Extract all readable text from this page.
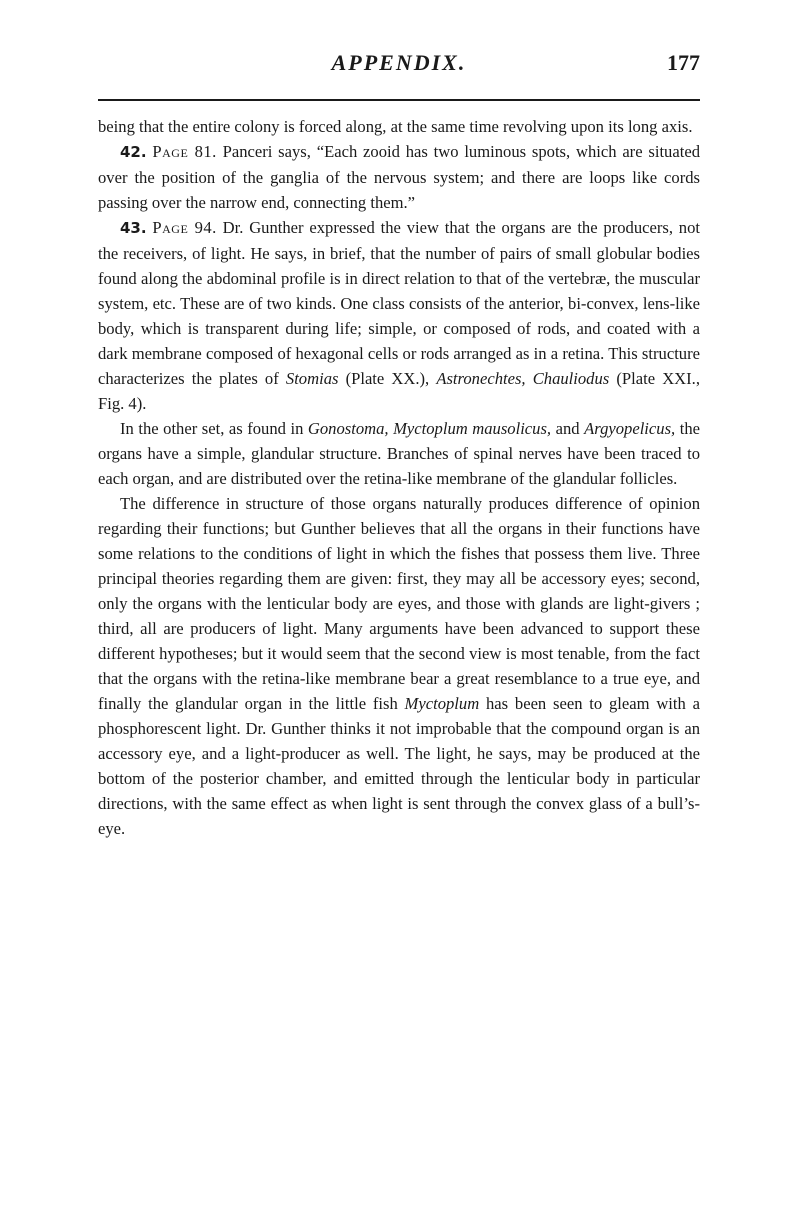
APPENDIX.	177

being that the entire colony is forced along, at the same time revolving upon its long axis.

42. Page 81. Panceri says, “Each zooid has two luminous spots, which are situated over the position of the ganglia of the nervous system; and there are loops like cords passing over the narrow end, connecting them.”

43. Page 94. Dr. Gunther expressed the view that the organs are the producers, not the receivers, of light. He says, in brief, that the number of pairs of small globular bodies found along the abdominal profile is in direct relation to that of the vertebræ, the muscular system, etc. These are of two kinds. One class consists of the anterior, bi-convex, lens-like body, which is transparent during life; simple, or composed of rods, and coated with a dark membrane composed of hexagonal cells or rods arranged as in a retina. This structure characterizes the plates of Stomias (Plate XX.), Astronechtes, Chauliodus (Plate XXI., Fig. 4).

In the other set, as found in Gonostoma, Myctoplum mausolicus, and Argyopelicus, the organs have a simple, glandular structure. Branches of spinal nerves have been traced to each organ, and are distributed over the retina-like membrane of the glandular follicles.

The difference in structure of those organs naturally produces difference of opinion regarding their functions; but Gunther believes that all the organs in their functions have some relations to the conditions of light in which the fishes that possess them live. Three principal theories regarding them are given: first, they may all be accessory eyes; second, only the organs with the lenticular body are eyes, and those with glands are light-givers ; third, all are producers of light. Many arguments have been advanced to support these different hypotheses; but it would seem that the second view is most tenable, from the fact that the organs with the retina-like membrane bear a great resemblance to a true eye, and finally the glandular organ in the little fish Myctoplum has been seen to gleam with a phosphorescent light. Dr. Gunther thinks it not improbable that the compound organ is an accessory eye, and a light-producer as well. The light, he says, may be produced at the bottom of the posterior chamber, and emitted through the lenticular body in particular directions, with the same effect as when light is sent through the convex glass of a bull’s-eye.
